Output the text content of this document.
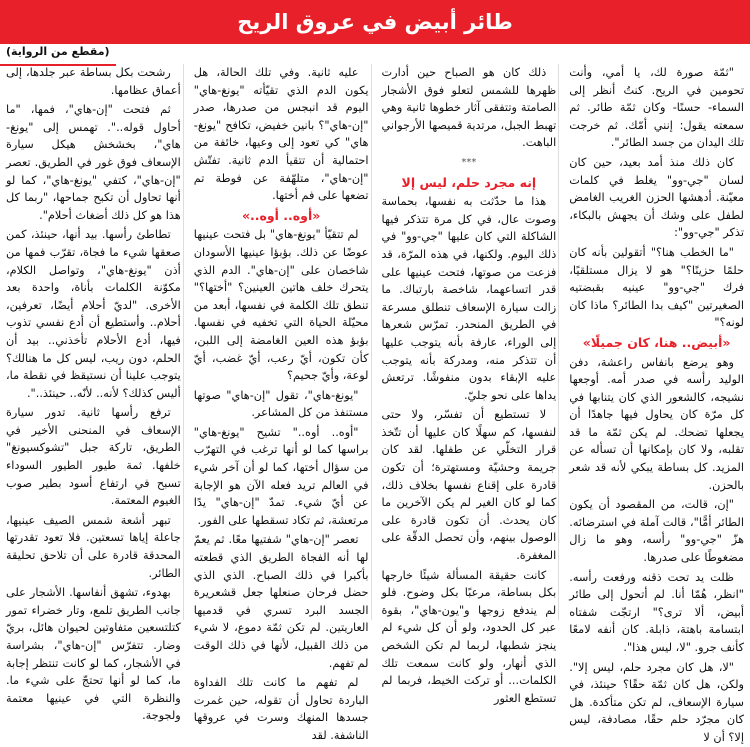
طائر أبيض في عروق الريح
(مقطع من الرواية)

"ثمّة صورة لك، يا أمي، وأنت تحومين في الريح. كنتُ أنظر إلى السماء- حسنًا- وكان ثمّة طائر. ثم سمعته يقول: إنني أمّك. ثم خرجت تلك اليدان من جسد الطائر".

كان ذلك منذ أمد بعيد، حين كان لسان "جي-وو" يغلط في كلمات معيّنة. أدهشها الحزن الغريب الغامض لطفل على وشك أن يجهش بالبكاء، تذكر "جي-وو":

"ما الخطب هنا؟" أتقولين بأنه كان حلمًا حزينًا؟" هو لا يزال مستلقيًا، فرك "جي-وو" عينيه بقبضتيه الصغيرتين "كيف بدا الطائر؟ ماذا كان لونه؟"

«أبيض.. هنا، كان جميلًا»

وهو يرضع بانفاس راعشة، دفن الوليد رأسه في صدر أمه. أوجعها نشيجه، كالشعور الذي كان يتنابها في كل مرّة كان يحاول فيها جاهدًا أن يجعلها تضحك. لم يكن ثمّة ما قد تقلبه، ولا كان بإمكانها أن تسأله عن المزيد. كل بساطة يبكي لأنه قد شعر بالحزن.

"إن، قالت، من المقصود أن يكون الطائر أمًّا"، قالت آملة في استرضائه. هزّ "جي-وو" رأسه، وهو ما زال مضغوطًا على صدرها.

ظلت يد تحت ذقنه ورفعت رأسه. "انظر، هُمّا أنا. لم أتحول إلى طائر أبيض، ألا ترى؟" ارتجّت شفتاه ابتسامة باهتة، ذابلة. كان أنفه لامعًا كأنف جرو. "لا، ليس هذا".

"لا، هل كان مجرد حلم، ليس إلا". ولكن، هل كان ثمّة حقًا؟ حينئذ، في سيارة الإسعاف، لم تكن متأكدة. هل كان مجرّد حلم حقًا، مصادفة، ليس إلا؟ أن لا

ذلك كان هو الصباح حين أدارت ظهرها للشمس لتعلو فوق الأشجار الصامتة وتتفقى آثار خطوها ثانية وهي تهبط الجبل، مرتدية قميصها الأرجواني الباهت.

***

إنه مجرد حلم، ليس إلا

هذا ما حدّثت به نفسها، بحماسة وصوت عال، في كل مرة تتذكر فيها الشاكلة التي كان عليها "جي-وو" في ذلك اليوم. ولكنها، في هذه المرّة، قد فزعت من صوتها، فتحت عينيها على قدر اتساعهما، شاخصة بارتباك. ما زالت سيارة الإسعاف تنطلق مسرعة في الطريق المنحدر. تمرّس شعرها إلى الوراء، عارفة بأنه يتوجب عليها أن تتذكر منه، ومدركة بأنه يتوجب عليه الإبقاء بدون منفوشًا. ترتعش يداها على نحو جليّ.

لا تستطيع أن تفسّر، ولا حتى لنفسها، كم سهلًا كان عليها أن تتّخذ قرار التخلّي عن طفلها. لقد كان جريمة وحشيّة ومستهترة؛ أن تكون قادرة على إقناع نفسها بخلاف ذلك، كما لو كان الغير لم يكن الآخرين ما كان يحدث. أن تكون قادرة على الوصول بينهم، وأن تحصل الدقّة على المغفرة.

كانت حقيقة المسألة شيئًا خارجها بكل بساطة، مرعبًا بكل وضوح. فلو لم يندفع زوجها و"يون-هاي"، بقوة عبر كل الحدود، ولو أن كل شيء لم ينجز شطبها، لربما لم تكن الشخص الذي أنهار، ولو كانت سمعت تلك الكلمات... أو تركت الخيط، فربما لم تستطع العثور

عليه ثانية. وفي تلك الحالة، هل يكون الدم الذي تقيّأته "يونغ-هاي" اليوم قد انبجس من صدرها، صدر "إن-هاي"؟ بانين خفيض، تكافح "يونغ-هاي" كي تعود إلى وعيها، خائفة من احتمالية أن تتقيأ الدم ثانية. تفتّش "إن-هاي"، متلهّفة عن فوطة تم تضعها على فم أختها.

«أوه.. أوه..»

لم تتقيّأ "يونغ-هاي" بل فتحت عينيها عوضًا عن ذلك. بؤبؤا عينيها الأسودان شاخصان على "إن-هاي". الدم الذي يتحرك خلف هاتين العينين؟ "أختها؟" تنطق تلك الكلمة في نفسها، أبعد من محيّلة الحياة التي تخفيه في نفسها. بؤبؤ هذه العين الغامضة إلى اللبن، كأن تكون، أيّ رعب، أيّ غضب، أيّ لوعة، وأيّ جحيم؟

"يونغ-هاي"، تقول "إن-هاي" صوتها مستنفذ من كل المشاعر.

"أوه.. أوه.." تشيح "يونغ-هاي" براسها كما لو أنها ترغب في التهرّب من سؤال أختها، كما لو أن آخر شيء في العالم تريد فعله الآن هو الإجابة عن أيّ شيء. تمدّ "إن-هاي" يدًا مرتعشة، ثم تكاد تسقطها على الفور.

تعصر "إن-هاي" شفتيها معًا. ثم يعمّ لها أنه الفجاة الطريق الذي قطعته بأكبرا في ذلك الصباح. الذي الذي حضل فرحان صنعلها جعل قشعريرة الجسد البرد تسري في قدميها العاريتين. لم تكن ثمّة دموع، لا شيء من ذلك القبيل، لأنها في ذلك الوقت لم تفهم.

لم تفهم ما كانت تلك الفداوة الباردة تحاول أن تقوله، حين غمرت جسدها المنهك وسرت في عروقها الناشفة. لقد

رشحت بكل بساطة عبر جلدها، إلى أعماق عظامها.

ثم فتحت "إن-هاي"، فمها، "ما أحاول قوله..". تهمس إلى "يونغ-هاي"، بخشخش هيكل سيارة الإسعاف فوق غور في الطريق. تعصر "إن-هاي"، كتفي "يونغ-هاي"، كما لو أنها تحاول أن تكبح جماحها، "ربما كل هذا هو كل ذلك أضغاث أحلام".

تطاطئ رأسها. بيد أنها، حينئذ، كمن صعقها شيء ما فجاة، تقرّب فمها من أذن "يونغ-هاي"، وتواصل الكلام، مكوّنة الكلمات بأناة، واحدة بعد الأخرى. "لديّ أحلام أيضًا، تعرفين، أحلام.. وأستطيع أن أدع نفسي تذوب فيها، أدع الأحلام تأخذني.. بيد أن الحلم، دون ريب، ليس كل ما هنالك؟ يتوجب علينا أن نستيقظ في نقطة ما، أليس كذلك؟ لأنه.. لأنّه.. حينئذ..".

ترفع رأسها ثانية. تدور سيارة الإسعاف في المنحنى الأخير في الطريق، تاركة جبل "تشوكسيونغ" خلفها. ثمة طيور الطيور السوداء تسبح في ارتفاع أسود بطير صوب الغيوم المعتمة.

تبهر أشعة شمس الصيف عينيها، جاعلة إياها تسعتين. فلا تعود تقدرتها المحدقة قادرة على أن تلاحق تحليقة الطائر.

بهدوء، تشهق أنفاسها. الأشجار على جانب الطريق تلمع، وتار خضراء تمور كتلتسعين متفاوتين لحيوان هائل، بريّ وضار. تتفرّس "إن-هاي"، بشراسة في الأشجار، كما لو كانت تنتظر إجابة ما، كما لو أنها تحتجّ على شيء ما. والنظرة التي في عينيها معتمة ولجوجة.
